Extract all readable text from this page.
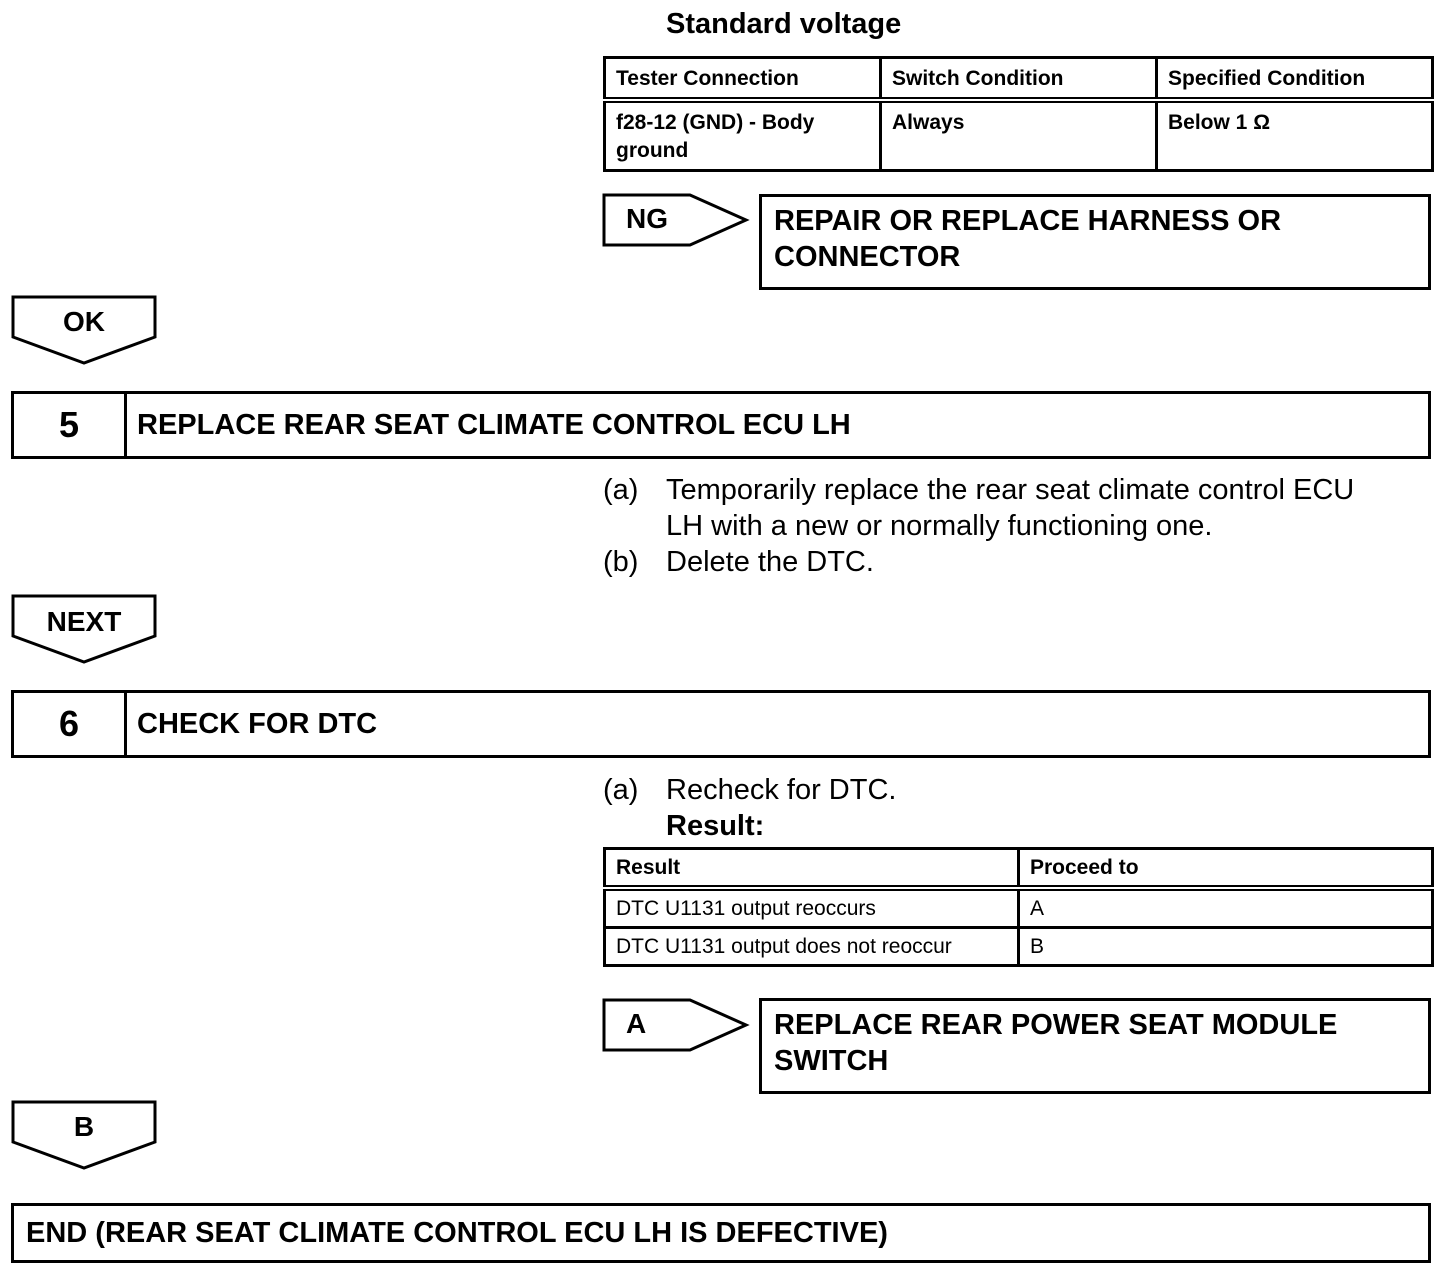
Standard voltage
Tester Connection	Switch Condition	Specified Condition

f28-12 (GND) - Body
ground	Always	Below 1 Ω
NG	REPAIR OR REPLACE HARNESS OR
CONNECTOR
OK
5	REPLACE REAR SEAT CLIMATE CONTROL ECU LH
(a) Temporarily replace the rear seat climate control ECU
LH with a new or normally functioning one.
(b) Delete the DTC.
NEXT
6	CHECK FOR DTC
(a) Recheck for DTC.
Result:
Result	Proceed to
DTC U1131 output reoccurs	A
DTC U1131 output does not reoccur	B
A	REPLACE REAR POWER SEAT MODULE
SWITCH
B
END (REAR SEAT CLIMATE CONTROL ECU LH IS DEFECTIVE)
